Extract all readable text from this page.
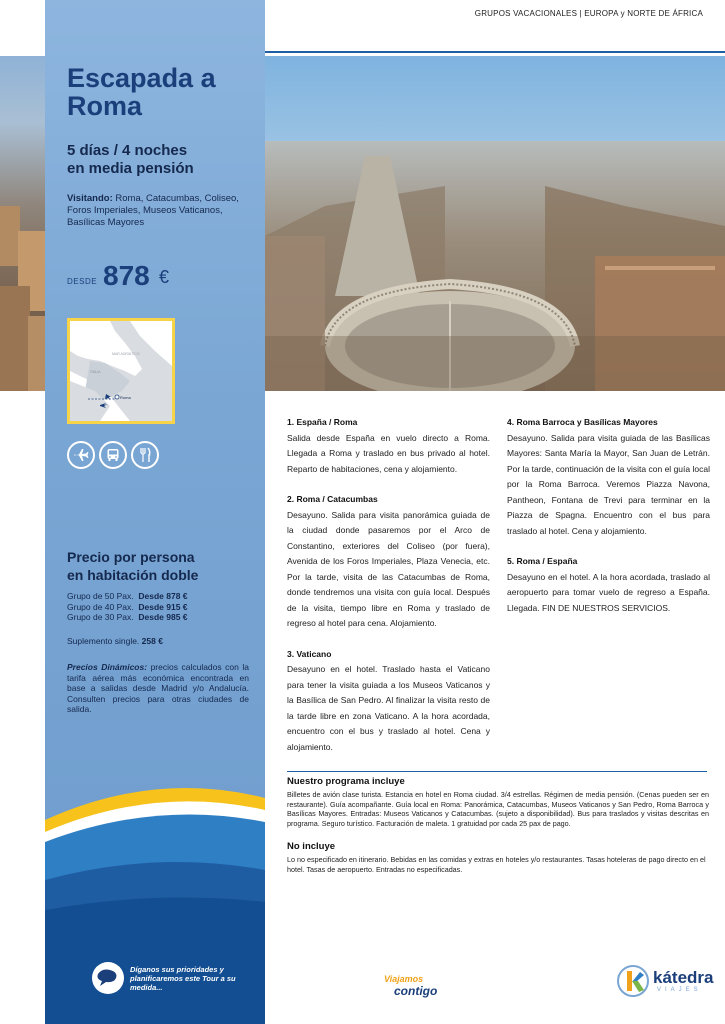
GRUPOS VACACIONALES | EUROPA y NORTE DE ÁFRICA
Escapada a
Roma
5 días / 4 noches
en media pensión
Visitando: Roma, Catacumbas, Coliseo, Foros Imperiales, Museos Vaticanos, Basílicas Mayores
DESDE 878 €
MAR ADRIÁTICO
ITALIA
Roma
Precio por persona
en habitación doble
Grupo de 50 Pax. Desde 878 €
Grupo de 40 Pax. Desde 915 €
Grupo de 30 Pax. Desde 985 €
Suplemento single. 258 €
Precios Dinámicos: precios calculados con la tarifa aérea más económica encontrada en base a salidas desde Madrid y/o Andalucía. Consulten precios para otras ciudades de salida.
Díganos sus prioridades y planificaremos este Tour a su medida...
1. España / Roma

Salida desde España en vuelo directo a Roma. Llegada a Roma y traslado en bus privado al hotel. Reparto de habitaciones, cena y alojamiento.

2. Roma / Catacumbas

Desayuno. Salida para visita panorámica guiada de la ciudad donde pasaremos por el Arco de Constantino, exteriores del Coliseo (por fuera), Avenida de los Foros Imperiales, Plaza Venecia, etc. Por la tarde, visita de las Catacumbas de Roma, donde tendremos una visita con guía local. Después de la visita, tiempo libre en Roma y traslado de regreso al hotel para cena. Alojamiento.

3. Vaticano

Desayuno en el hotel. Traslado hasta el Vaticano para tener la visita guiada a los Museos Vaticanos y la Basílica de San Pedro. Al finalizar la visita resto de la tarde libre en zona Vaticano. A la hora acordada, encuentro con el bus y traslado al hotel. Cena y alojamiento.

4. Roma Barroca y Basílicas Mayores

Desayuno. Salida para visita guiada de las Basílicas Mayores: Santa María la Mayor, San Juan de Letrán. Por la tarde, continuación de la visita con el guía local por la Roma Barroca. Veremos Piazza Navona, Pantheon, Fontana de Trevi para terminar en la Piazza de Spagna. Encuentro con el bus para traslado al hotel. Cena y alojamiento.

5. Roma / España

Desayuno en el hotel. A la hora acordada, traslado al aeropuerto para tomar vuelo de regreso a España. Llegada. FIN DE NUESTROS SERVICIOS.

Nuestro programa incluye

Billetes de avión clase turista. Estancia en hotel en Roma ciudad. 3/4 estrellas. Régimen de media pensión. (Cenas pueden ser en restaurante). Guía acompañante. Guía local en Roma: Panorámica, Catacumbas, Museos Vaticanos y San Pedro, Roma Barroca y Basílicas Mayores. Entradas: Museos Vaticanos y Catacumbas. (sujeto a disponibilidad). Bus para traslados y visitas descritas en programa. Seguro turístico. Facturación de maleta. 1 gratuidad por cada 25 pax de pago.

No incluye

Lo no especificado en itinerario. Bebidas en las comidas y extras en hoteles y/o restaurantes. Tasas hoteleras de pago directo en el hotel. Tasas de aeropuerto. Entradas no especificadas.

Viajamos
contigo
kátedra
VIAJES
